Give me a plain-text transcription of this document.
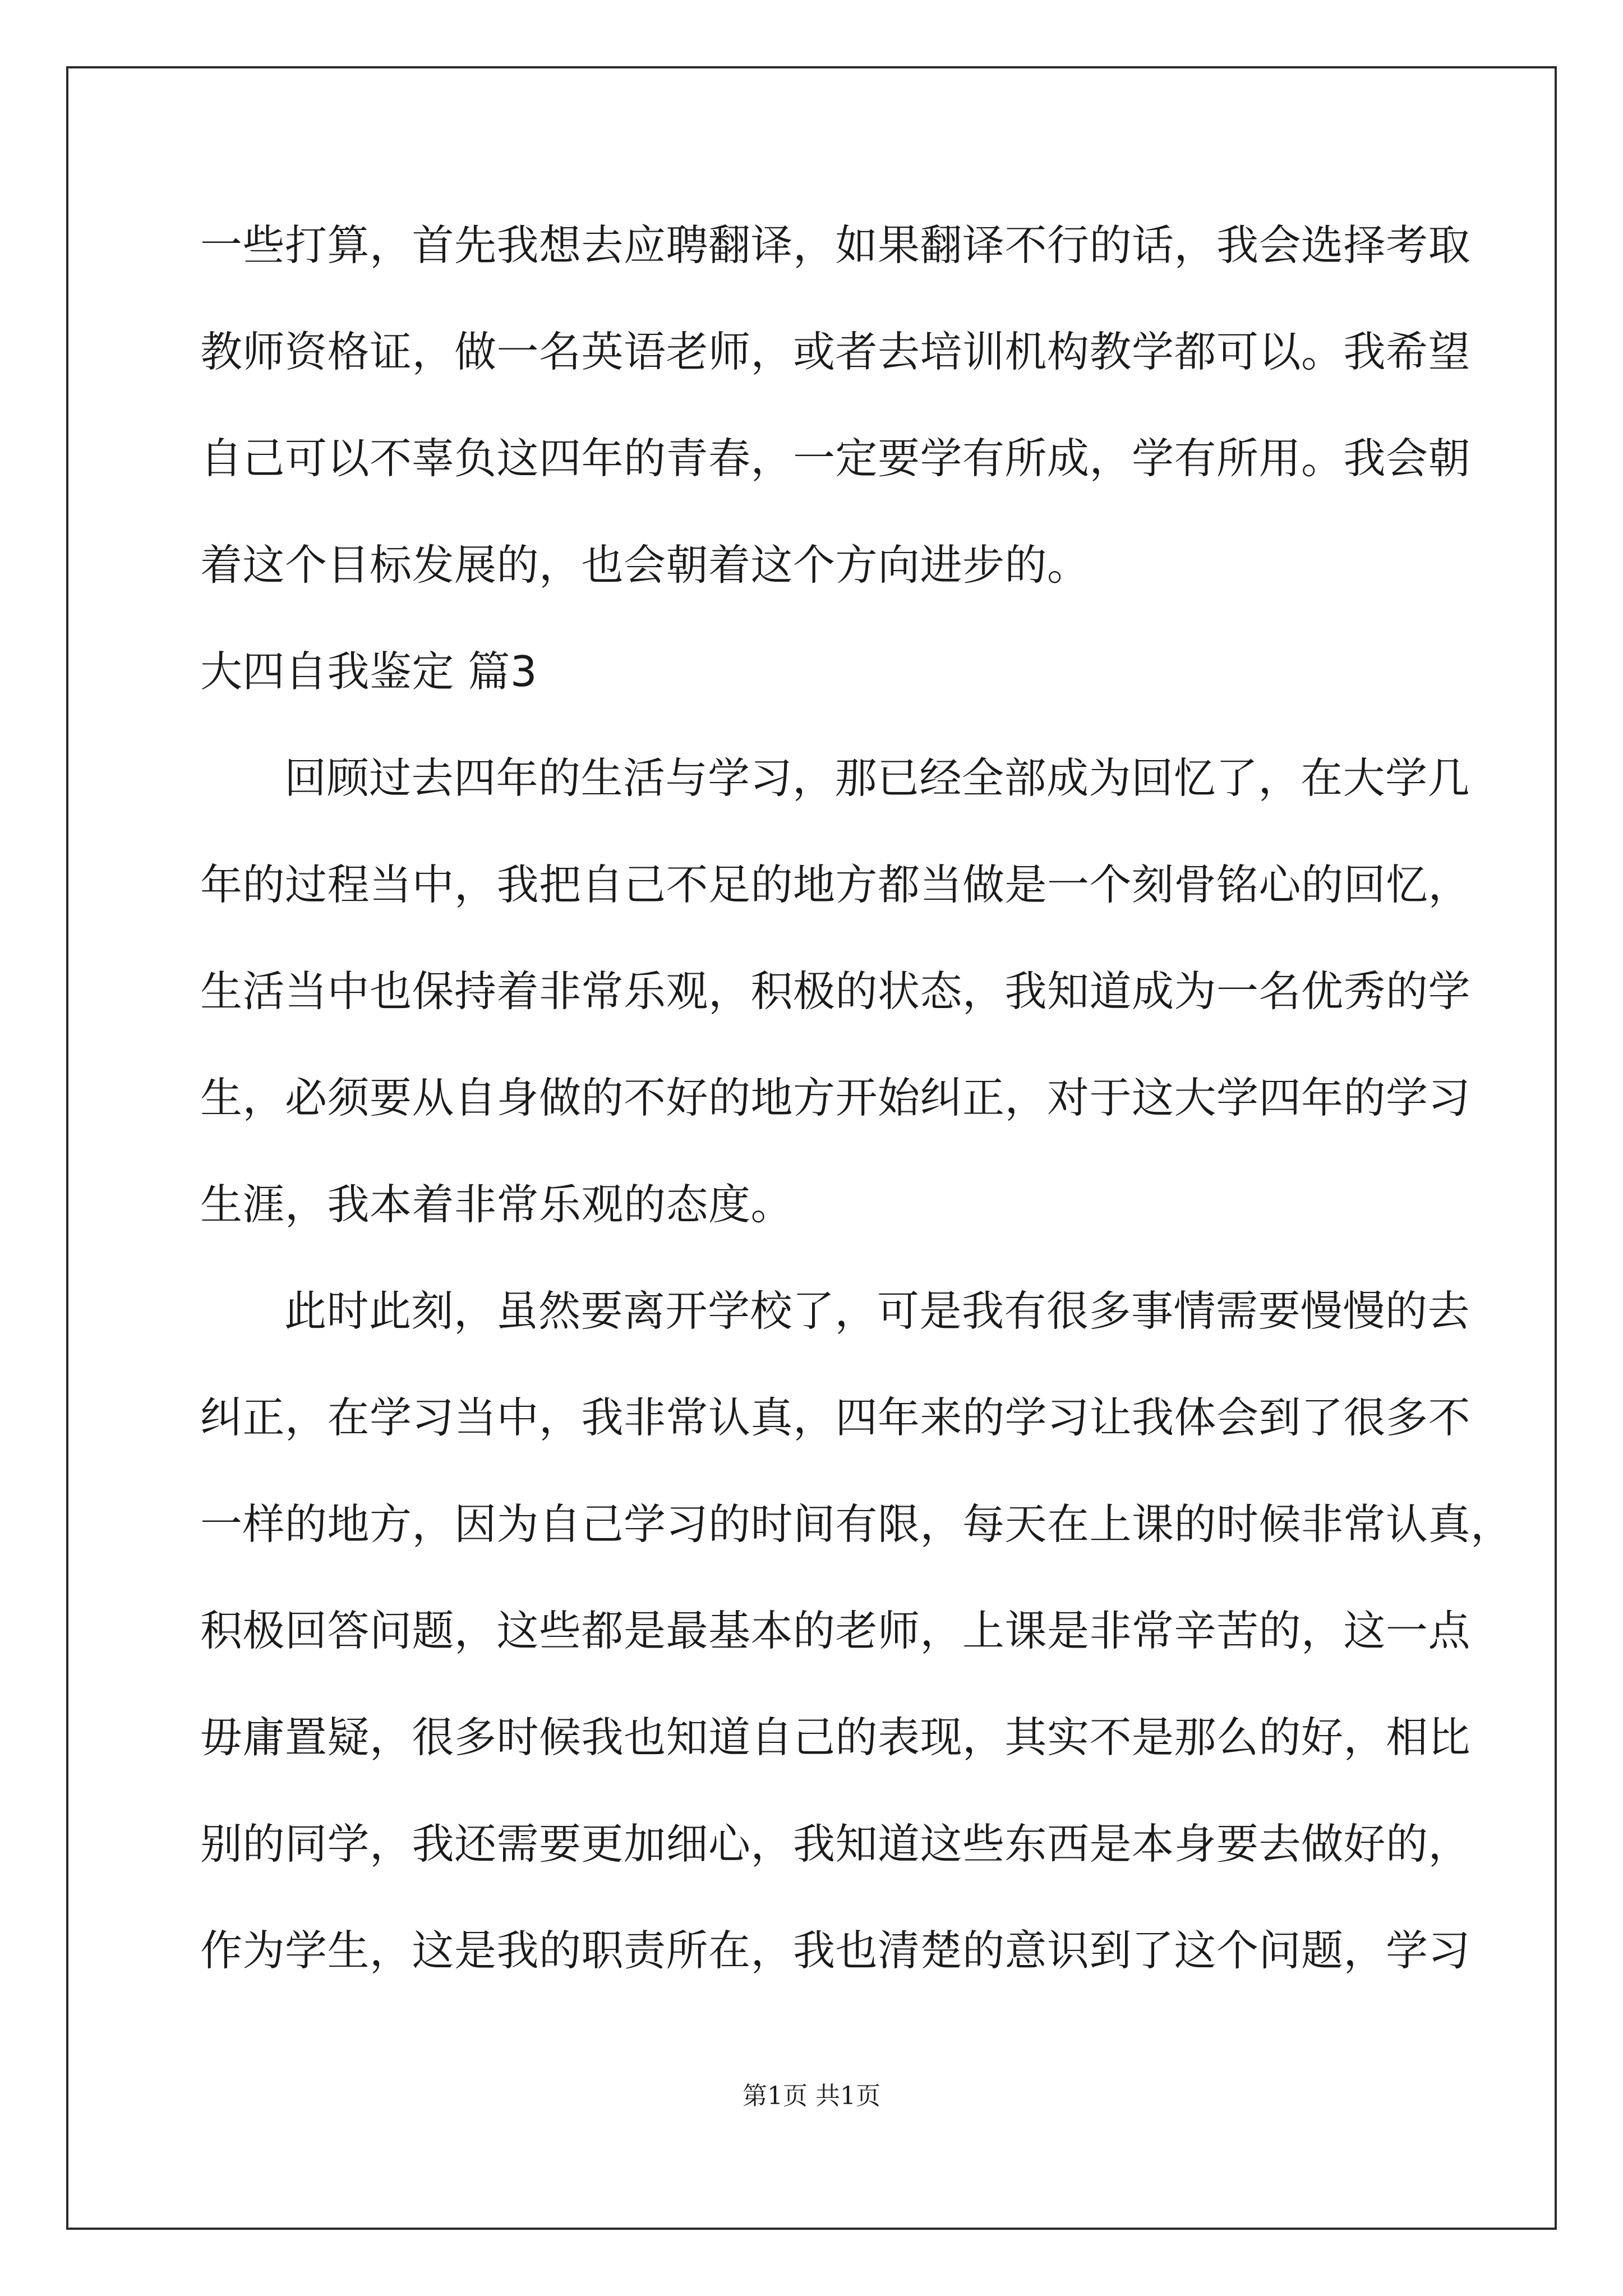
一些打算，首先我想去应聘翻译，如果翻译不行的话，我会选择考取
教师资格证，做一名英语老师，或者去培训机构教学都可以。我希望
自己可以不辜负这四年的青春，一定要学有所成，学有所用。我会朝
着这个目标发展的，也会朝着这个方向进步的。
大四自我鉴定 篇3
回顾过去四年的生活与学习，那已经全部成为回忆了，在大学几
年的过程当中，我把自己不足的地方都当做是一个刻骨铭心的回忆，
生活当中也保持着非常乐观，积极的状态，我知道成为一名优秀的学
生，必须要从自身做的不好的地方开始纠正，对于这大学四年的学习
生涯，我本着非常乐观的态度。
此时此刻，虽然要离开学校了，可是我有很多事情需要慢慢的去
纠正，在学习当中，我非常认真，四年来的学习让我体会到了很多不
一样的地方，因为自己学习的时间有限，每天在上课的时候非常认真，
积极回答问题，这些都是最基本的老师，上课是非常辛苦的，这一点
毋庸置疑，很多时候我也知道自己的表现，其实不是那么的好，相比
别的同学，我还需要更加细心，我知道这些东西是本身要去做好的，
作为学生，这是我的职责所在，我也清楚的意识到了这个问题，学习
第1页 共1页
